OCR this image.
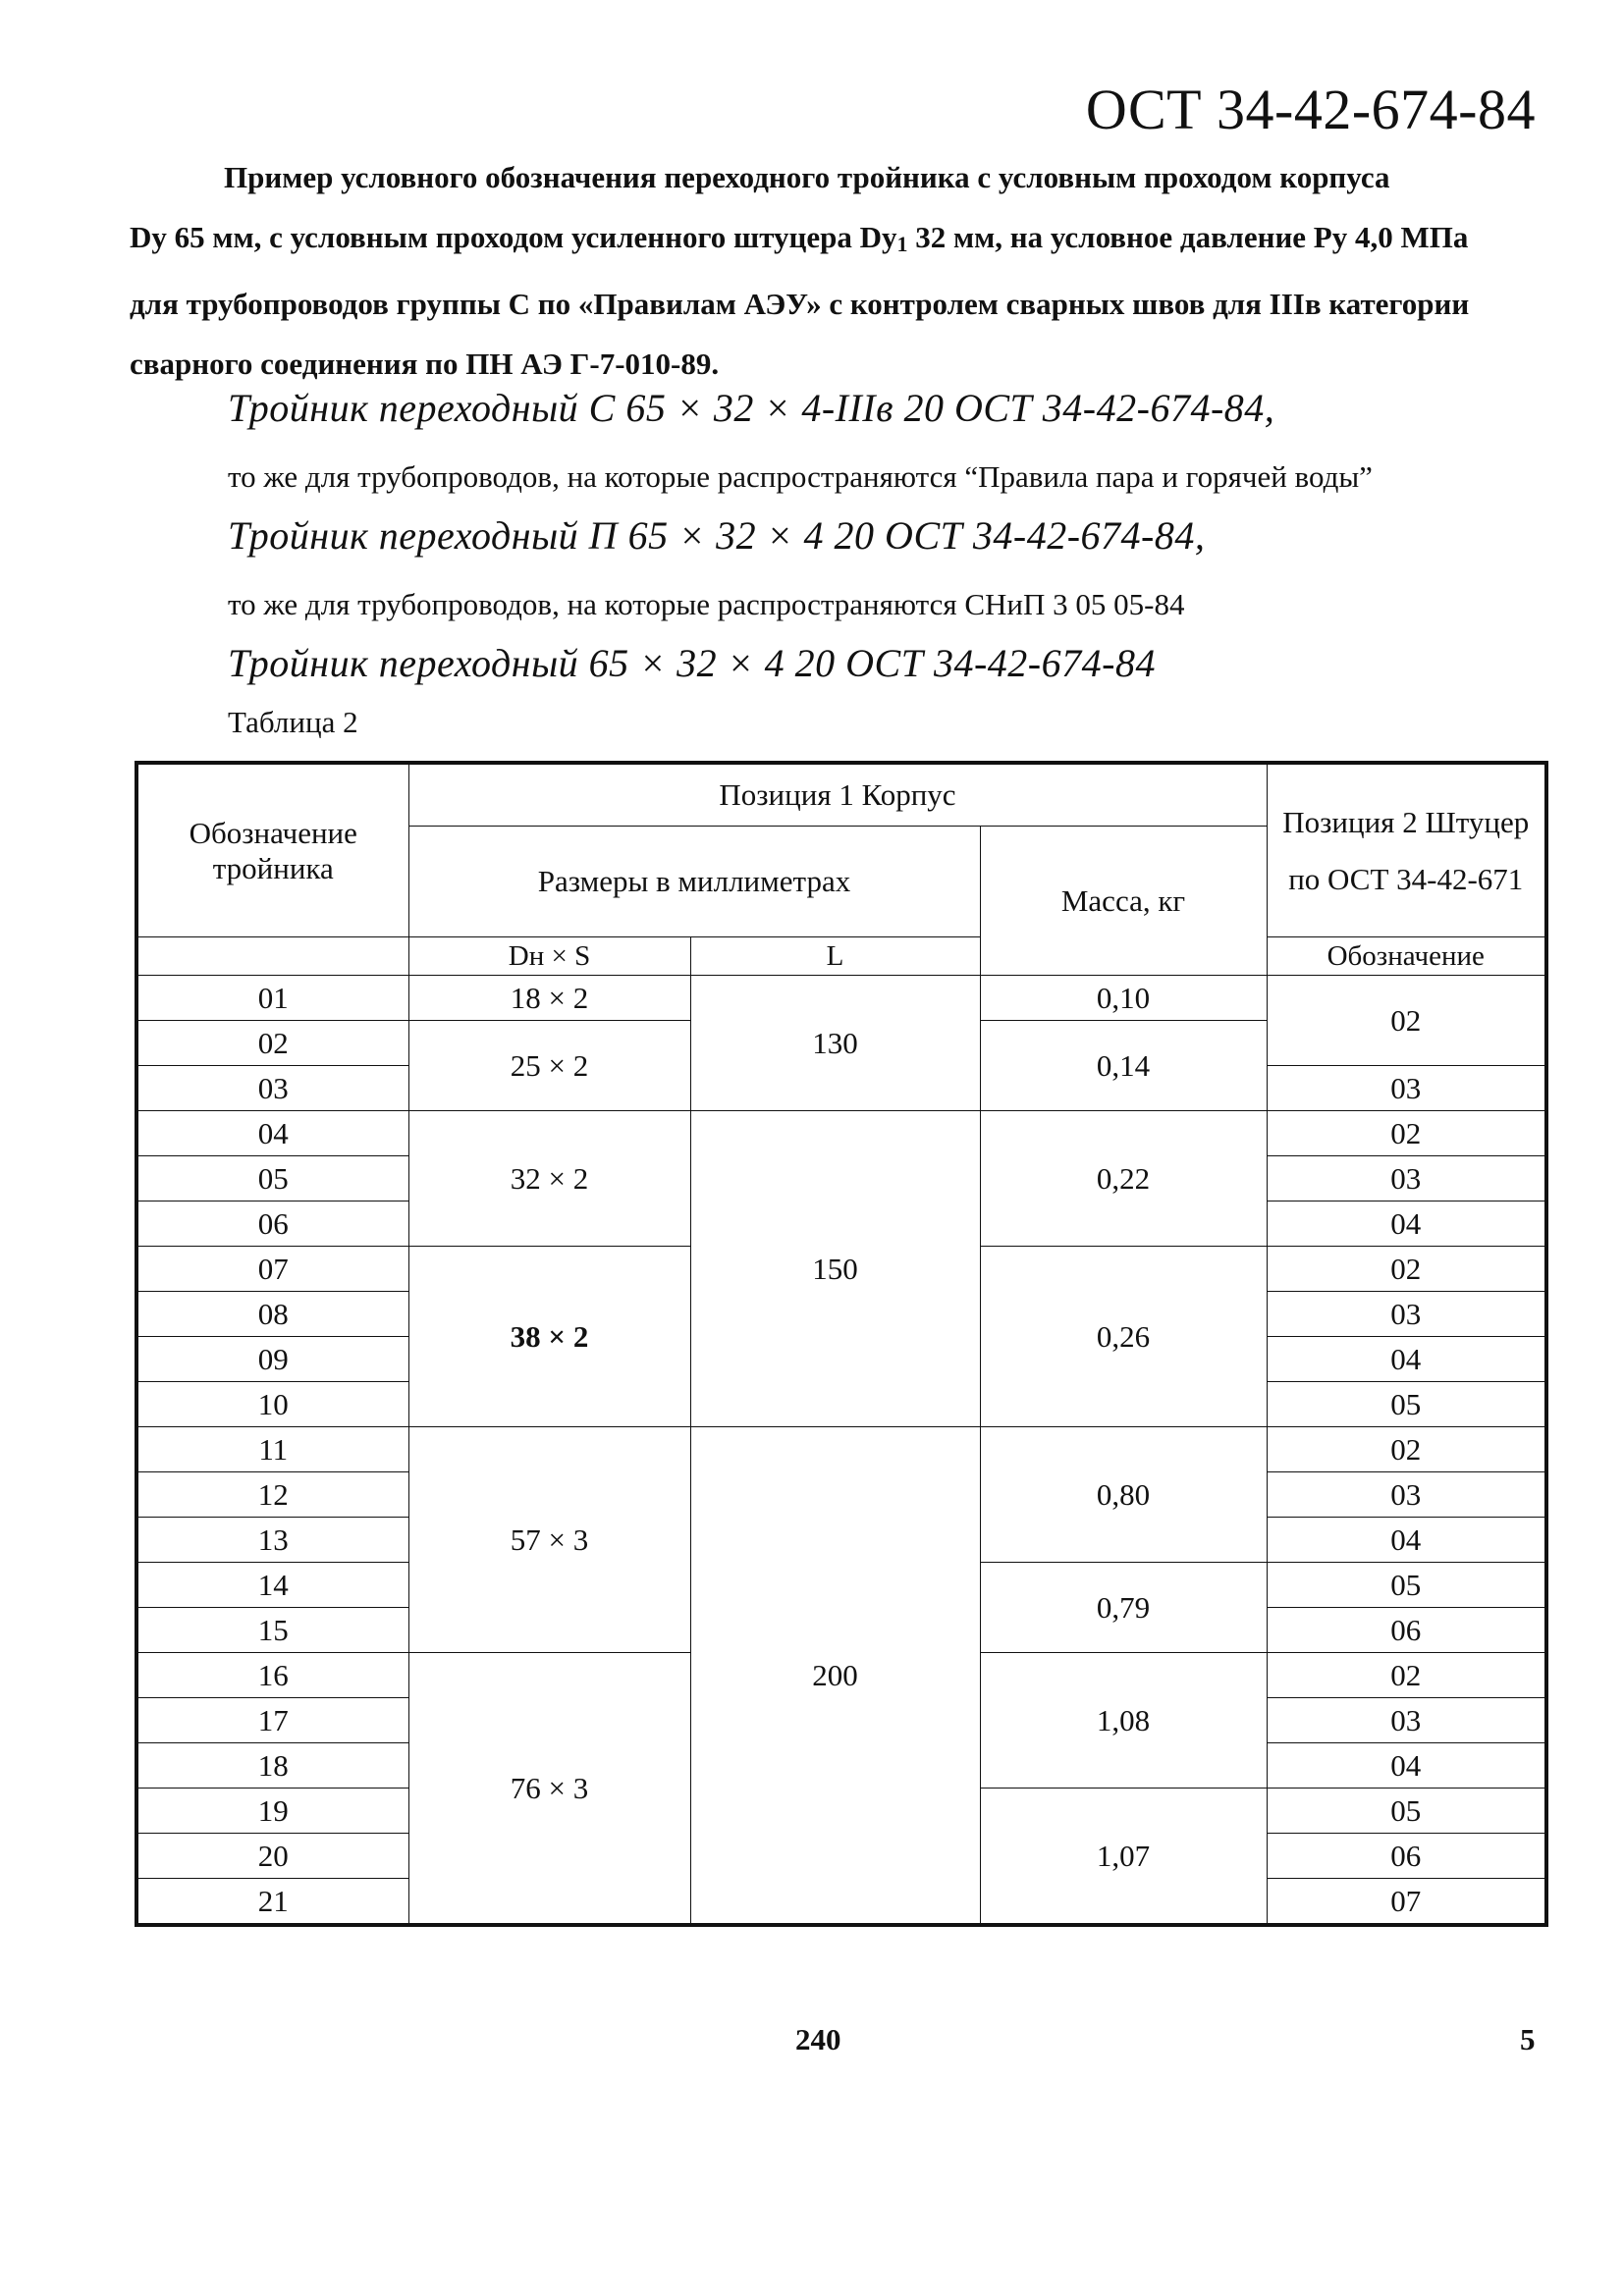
ОСТ 34-42-674-84
Пример условного обозначения переходного тройника с условным проходом корпуса
Dy 65 мм, с условным проходом усиленного штуцера Dy1 32 мм, на условное давление Ру 4,0 МПа
для трубопроводов группы С по «Правилам АЭУ» с контролем сварных швов для IIIв категории
сварного соединения по ПН АЭ Г-7-010-89.
Тройник переходный С 65 × 32 × 4-IIIв 20 ОСТ 34-42-674-84,
то же для трубопроводов, на которые распространяются “Правила пара и горячей воды”
Тройник переходный П 65 × 32 × 4 20 ОСТ 34-42-674-84,
то же для трубопроводов, на которые распространяются СНиП 3 05 05-84
Тройник переходный 65 × 32 × 4 20 ОСТ 34-42-674-84
Таблица 2
Обозначение тройника	Позиция 1 Корпус			Позиция 2 Штуцер по ОСТ 34-42-671
	Размеры в миллиметрах		Масса, кг	
	Dн × S	L		Обозначение
01	18 × 2	130	0,10	02
02	25 × 2		0,14	
03				03
04	32 × 2	150	0,22	02
05				03
06				04
07	38 × 2		0,26	02
08				03
09				04
10				05
11	57 × 3	200	0,80	02
12				03
13				04
14			0,79	05
15				06
16	76 × 3		1,08	02
17				03
18				04
19			1,07	05
20				06
21				07
240	5
